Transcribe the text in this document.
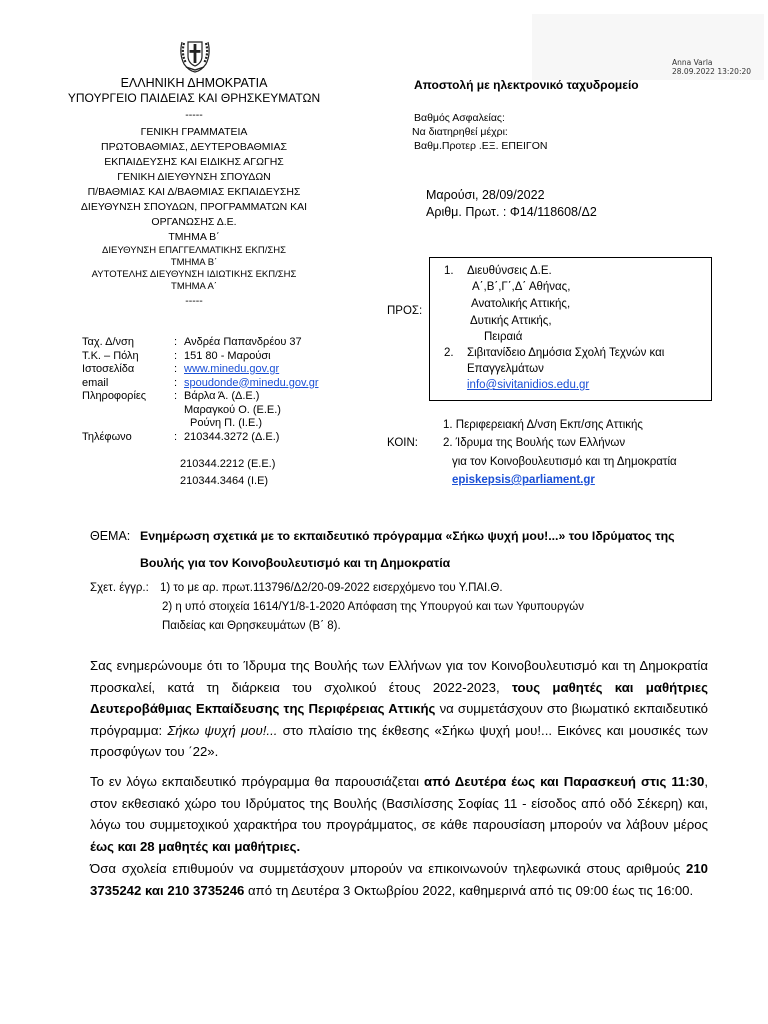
Anna Varla
28.09.2022 13:20:20
ΕΛΛΗΝΙΚΗ ΔΗΜΟΚΡΑΤΙΑ
ΥΠΟΥΡΓΕΙΟ ΠΑΙΔΕΙΑΣ ΚΑΙ ΘΡΗΣΚΕΥΜΑΤΩΝ
-----
ΓΕΝΙΚΗ ΓΡΑΜΜΑΤΕΙΑ
ΠΡΩΤΟΒΑΘΜΙΑΣ, ΔΕΥΤΕΡΟΒΑΘΜΙΑΣ
ΕΚΠΑΙΔΕΥΣΗΣ ΚΑΙ ΕΙΔΙΚΗΣ ΑΓΩΓΗΣ
ΓΕΝΙΚΗ ΔΙΕΥΘΥΝΣΗ ΣΠΟΥΔΩΝ
Π/ΒΑΘΜΙΑΣ ΚΑΙ Δ/ΒΑΘΜΙΑΣ ΕΚΠΑΙΔΕΥΣΗΣ
ΔΙΕΥΘΥΝΣΗ ΣΠΟΥΔΩΝ, ΠΡΟΓΡΑΜΜΑΤΩΝ ΚΑΙ
ΟΡΓΑΝΩΣΗΣ Δ.Ε.
ΤΜΗΜΑ Β΄
ΔΙΕΥΘΥΝΣΗ ΕΠΑΓΓΕΛΜΑΤΙΚΗΣ ΕΚΠ/ΣΗΣ
ΤΜΗΜΑ Β΄
ΑΥΤΟΤΕΛΗΣ ΔΙΕΥΘΥΝΣΗ ΙΔΙΩΤΙΚΗΣ ΕΚΠ/ΣΗΣ
ΤΜΗΜΑ Α΄
-----
Αποστολή με ηλεκτρονικό ταχυδρομείο
Βαθμός Ασφαλείας:
Να διατηρηθεί μέχρι:
Βαθμ.Προτερ .ΕΞ. ΕΠΕΙΓΟΝ
Μαρούσι, 28/09/2022
Αριθμ. Πρωτ. : Φ14/118608/Δ2
Ταχ. Δ/νση	:	Ανδρέα Παπανδρέου 37
Τ.Κ. – Πόλη	:	151 80 - Μαρούσι
Ιστοσελίδα	:	www.minedu.gov.gr
email	:	spoudonde@minedu.gov.gr
Πληροφορίες	:	Βάρλα Ά. (Δ.Ε.)
		Μαραγκού Ο. (Ε.Ε.)
		Ρούνη Π. (Ι.Ε.)
Τηλέφωνο	:	210344.3272 (Δ.Ε.)
210344.2212 (Ε.Ε.)
210344.3464 (Ι.Ε)
ΠΡΟΣ:
1. Διευθύνσεις Δ.Ε.
Α΄,Β΄,Γ΄,Δ΄ Αθήνας,
Ανατολικής Αττικής,
Δυτικής Αττικής,
Πειραιά
2. Σιβιτανίδειο Δημόσια Σχολή Τεχνών και
Επαγγελμάτων
info@sivitanidios.edu.gr
1. Περιφερειακή Δ/νση Εκπ/σης Αττικής
ΚΟΙΝ: 2. Ίδρυμα της Βουλής των Ελλήνων
για τον Κοινοβουλευτισμό και τη Δημοκρατία
episkepsis@parliament.gr
ΘΕΜΑ: Ενημέρωση σχετικά με το εκπαιδευτικό πρόγραμμα «Σήκω ψυχή μου!...» του Ιδρύματος της
Βουλής για τον Κοινοβουλευτισμό και τη Δημοκρατία
Σχετ. έγγρ.: 1) το με αρ. πρωτ.113796/Δ2/20-09-2022 εισερχόμενο του Υ.ΠΑΙ.Θ.
2) η υπό στοιχεία 1614/Υ1/8-1-2020 Απόφαση της Υπουργού και των Υφυπουργών
Παιδείας και Θρησκευμάτων (Β΄ 8).

Σας ενημερώνουμε ότι το Ίδρυμα της Βουλής των Ελλήνων για τον Κοινοβουλευτισμό και τη Δημοκρατία προσκαλεί, κατά τη διάρκεια του σχολικού έτους 2022-2023, τους μαθητές και μαθήτριες Δευτεροβάθμιας Εκπαίδευσης της Περιφέρειας Αττικής να συμμετάσχουν στο βιωματικό εκπαιδευτικό πρόγραμμα: Σήκω ψυχή μου!... στο πλαίσιο της έκθεσης «Σήκω ψυχή μου!... Εικόνες και μουσικές των προσφύγων του ΄22».

Το εν λόγω εκπαιδευτικό πρόγραμμα θα παρουσιάζεται από Δευτέρα έως και Παρασκευή στις 11:30, στον εκθεσιακό χώρο του Ιδρύματος της Βουλής (Βασιλίσσης Σοφίας 11 - είσοδος από οδό Σέκερη) και, λόγω του συμμετοχικού χαρακτήρα του προγράμματος, σε κάθε παρουσίαση μπορούν να λάβουν μέρος έως και 28 μαθητές και μαθήτριες.

Όσα σχολεία επιθυμούν να συμμετάσχουν μπορούν να επικοινωνούν τηλεφωνικά στους αριθμούς 210 3735242 και 210 3735246 από τη Δευτέρα 3 Οκτωβρίου 2022, καθημερινά από τις 09:00 έως τις 16:00.
